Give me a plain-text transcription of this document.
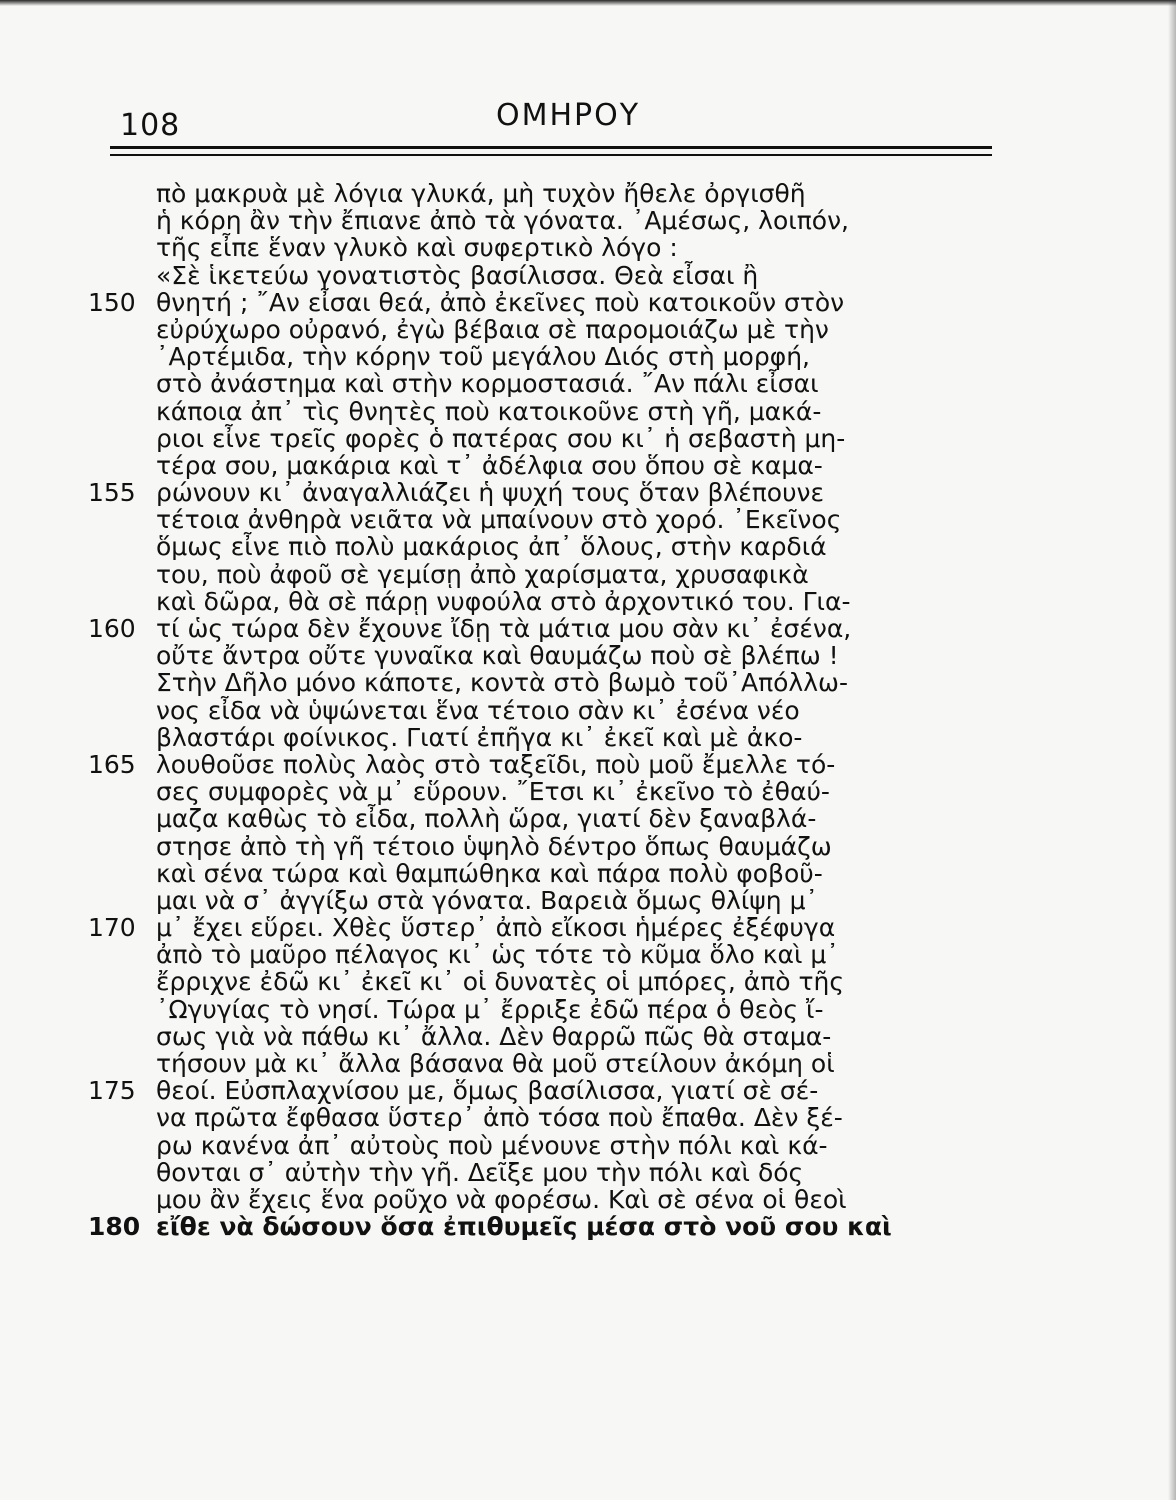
108	ΟΜΗΡΟΥ
πὸ μακρυὰ μὲ λόγια γλυκά, μὴ τυχὸν ἤθελε ὀργισθῆ
ἡ κόρη ἂν τὴν ἔπιανε ἀπὸ τὰ γόνατα. ᾿Αμέσως, λοιπόν,
τῆς εἶπε ἕναν γλυκὸ καὶ συφερτικὸ λόγο :
«Σὲ ἱκετεύω γονατιστὸς βασίλισσα. Θεὰ εἶσαι ἢ
150 θνητή ; ῎Αν εἶσαι θεά, ἀπὸ ἐκεῖνες ποὺ κατοικοῦν στὸν
εὐρύχωρο οὐρανό, ἐγὼ βέβαια σὲ παρομοιάζω μὲ τὴν
᾿Αρτέμιδα, τὴν κόρην τοῦ μεγάλου Διός στὴ μορφή,
στὸ ἀνάστημα καὶ στὴν κορμοστασιά. ῎Αν πάλι εἶσαι
κάποια ἀπ᾿ τὶς θνητὲς ποὺ κατοικοῦνε στὴ γῆ, μακά-
ριοι εἶνε τρεῖς φορὲς ὁ πατέρας σου κι᾿ ἡ σεβαστὴ μη-
τέρα σου, μακάρια καὶ τ᾿ ἀδέλφια σου ὅπου σὲ καμα-
155 ρώνουν κι᾿ ἀναγαλλιάζει ἡ ψυχή τους ὅταν βλέπουνε
τέτοια ἀνθηρὰ νειᾶτα νὰ μπαίνουν στὸ χορό. ᾿Εκεῖνος
ὅμως εἶνε πιὸ πολὺ μακάριος ἀπ᾿ ὅλους, στὴν καρδιά
του, ποὺ ἀφοῦ σὲ γεμίσῃ ἀπὸ χαρίσματα, χρυσαφικὰ
καὶ δῶρα, θὰ σὲ πάρῃ νυφούλα στὸ ἀρχοντικό του. Για-
160 τί ὡς τώρα δὲν ἔχουνε ἴδῃ τὰ μάτια μου σὰν κι᾿ ἐσένα,
οὔτε ἄντρα οὔτε γυναῖκα καὶ θαυμάζω ποὺ σὲ βλέπω !
Στὴν Δῆλο μόνο κάποτε, κοντὰ στὸ βωμὸ τοῦ᾿Απόλλω-
νος εἶδα νὰ ὑψώνεται ἕνα τέτοιο σὰν κι᾿ ἐσένα νέο
βλαστάρι φοίνικος. Γιατί ἐπῆγα κι᾿ ἐκεῖ καὶ μὲ ἀκο-
165 λουθοῦσε πολὺς λαὸς στὸ ταξεῖδι, ποὺ μοῦ ἔμελλε τό-
σες συμφορὲς νὰ μ᾿ εὕρουν. ῎Ετσι κι᾿ ἐκεῖνο τὸ ἐθαύ-
μαζα καθὼς τὸ εἶδα, πολλὴ ὥρα, γιατί δὲν ξαναβλά-
στησε ἀπὸ τὴ γῆ τέτοιο ὑψηλὸ δέντρο ὅπως θαυμάζω
καὶ σένα τώρα καὶ θαμπώθηκα καὶ πάρα πολὺ φοβοῦ-
μαι νὰ σ᾿ ἀγγίξω στὰ γόνατα. Βαρειὰ ὅμως θλίψη μ᾿
170 μ᾿ ἔχει εὕρει. Χθὲς ὕστερ᾿ ἀπὸ εἴκοσι ἡμέρες ἐξέφυγα
ἀπὸ τὸ μαῦρο πέλαγος κι᾿ ὡς τότε τὸ κῦμα ὅλο καὶ μ᾿
ἔρριχνε ἐδῶ κι᾿ ἐκεῖ κι᾿ οἱ δυνατὲς οἱ μπόρες, ἀπὸ τῆς
᾿Ωγυγίας τὸ νησί. Τώρα μ᾿ ἔρριξε ἐδῶ πέρα ὁ θεὸς ἴ-
σως γιὰ νὰ πάθω κι᾿ ἄλλα. Δὲν θαρρῶ πῶς θὰ σταμα-
τήσουν μὰ κι᾿ ἄλλα βάσανα θὰ μοῦ στείλουν ἀκόμη οἱ
175 θεοί. Εὐσπλαχνίσου με, ὅμως βασίλισσα, γιατί σὲ σέ-
να πρῶτα ἔφθασα ὕστερ᾿ ἀπὸ τόσα ποὺ ἔπαθα. Δὲν ξέ-
ρω κανένα ἀπ᾿ αὐτοὺς ποὺ μένουνε στὴν πόλι καὶ κά-
θονται σ᾿ αὐτὴν τὴν γῆ. Δεῖξε μου τὴν πόλι καὶ δός
μου ἂν ἔχεις ἕνα ροῦχο νὰ φορέσω. Καὶ σὲ σένα οἱ θεοὶ
180 εἴθε νὰ δώσουν ὅσα ἐπιθυμεῖς μέσα στὸ νοῦ σου καὶ
